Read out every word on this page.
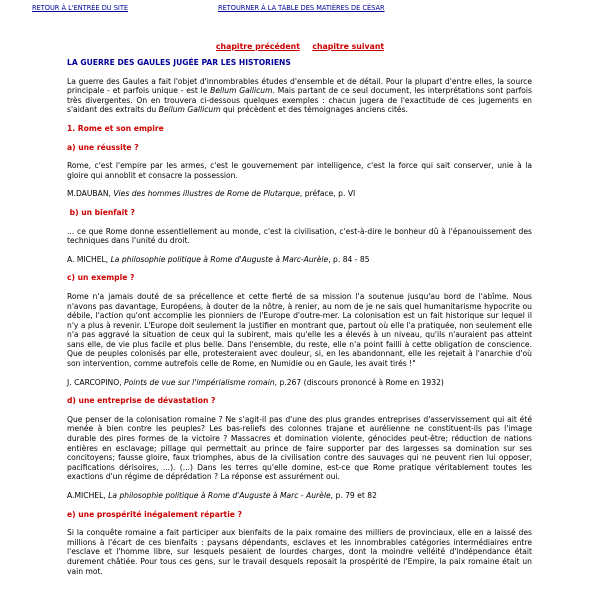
RETOUR À L'ENTRÉE DU SITE	RETOURNER À LA TABLE DES MATIÈRES DE CÉSAR
chapitre précédent chapitre suivant
LA GUERRE DES GAULES JUGÉE PAR LES HISTORIENS

La guerre des Gaules a fait l'objet d'innombrables études d'ensemble et de détail. Pour la plupart d'entre elles, la source principale - et parfois unique - est le Bellum Gallicum. Mais partant de ce seul document, les interprétations sont parfois très divergentes. On en trouvera ci-dessous quelques exemples : chacun jugera de l'exactitude de ces jugements en s'aidant des extraits du Bellum Gallicum qui précèdent et des témoignages anciens cités.

1. Rome et son empire
a) une réussite ?

Rome, c'est l'empire par les armes, c'est le gouvernement par intelligence, c'est la force qui sait conserver, unie à la gloire qui annoblit et consacre la possession.

M.DAUBAN, Vies des hommes illustres de Rome de Plutarque, préface, p. VI
b) un bienfait ?

... ce que Rome donne essentiellement au monde, c'est la civilisation, c'est-à-dire le bonheur dû à l'épanouissement des techniques dans l'unité du droit.

A. MICHEL, La philosophie politique à Rome d'Auguste à Marc-Aurèle, p. 84 - 85
c) un exemple ?

Rome n'a jamais douté de sa précellence et cette fierté de sa mission l'a soutenue jusqu'au bord de l'abîme. Nous n'avons pas davantage, Européens, à douter de la nôtre, à renier, au nom de je ne sais quel humanitarisme hypocrite ou débile, l'action qu'ont accomplie les pionniers de l'Europe d'outre-mer. La colonisation est un fait historique sur lequel il n'y a plus à revenir. L'Europe doit seulement la justifier en montrant que, partout où elle l'a pratiquée, non seulement elle n'a pas aggravé la situation de ceux qui la subirent, mais qu'elle les a élevés à un niveau, qu'ils n'auraient pas atteint sans elle, de vie plus facile et plus belle. Dans l'ensemble, du reste, elle n'a point failli à cette obligation de conscience. Que de peuples colonisés par elle, protesteraient avec douleur, si, en les abandonnant, elle les rejetait à l'anarchie d'où son intervention, comme autrefois celle de Rome, en Numidie ou en Gaule, les avait tirés !"

J. CARCOPINO, Points de vue sur l'impérialisme romain, p.267 (discours prononcé à Rome en 1932)
d) une entreprise de dévastation ?

Que penser de la colonisation romaine ? Ne s'agit-il pas d'une des plus grandes entreprises d'asservissement qui ait été menée à bien contre les peuples? Les bas-reliefs des colonnes trajane et aurélienne ne constituent-ils pas l'image durable des pires formes de la victoire ? Massacres et domination violente, génocides peut-être; réduction de nations entières en esclavage; pillage qui permettait au prince de faire supporter par des largesses sa domination sur ses concitoyens; fausse gloire, faux triomphes, abus de la civilisation contre des sauvages qui ne peuvent rien lui opposer, pacifications dérisoires, ...). (...) Dans les terres qu'elle domine, est-ce que Rome pratique véritablement toutes les exactions d'un régime de déprédation ? La réponse est assurément oui.

A.MICHEL, La philosophie politique à Rome d'Auguste à Marc - Aurèle, p. 79 et 82
e) une prospérité inégalement répartie ?

Si la conquête romaine a fait participer aux bienfaits de la paix romaine des milliers de provinciaux, elle en a laissé des millions à l'écart de ces bienfaits : paysans dépendants, esclaves et les innombrables catégories intermédiaires entre l'esclave et l'homme libre, sur lesquels pesaient de lourdes charges, dont la moindre velléité d'indépendance était durement châtiée. Pour tous ces gens, sur le travail desquels reposait la prospérité de l'Empire, la paix romaine était un vain mot.
